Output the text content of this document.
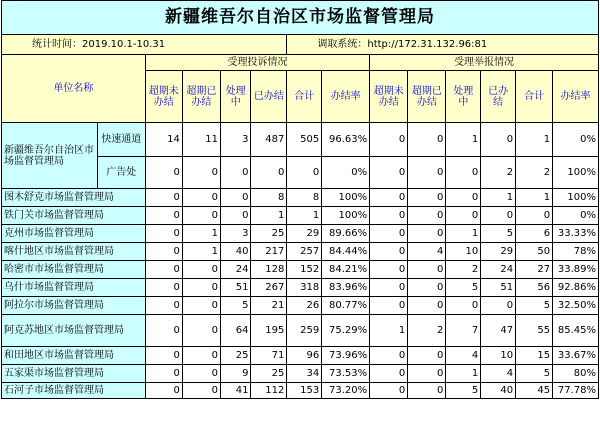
新疆维吾尔自治区市场监督管理局													
统计时间：2019.10.1-10.31						调取系统：http://172.31.132.96:81							
单位名称		受理投诉情况						受理举报情况					
		超期未办结	超期已办结	处理中	已办结	合计	办结率	超期未办结	超期已办结	处理中	已办结	合计	办结率
新疆维吾尔自治区市场监督管理局	快速通道	14	11	3	487	505	96.63%	0	0	1	0	1	0%
	广告处	0	0	0	0	0	0%	0	0	0	2	2	100%
图木舒克市场监督管理局		0	0	0	8	8	100%	0	0	0	1	1	100%
铁门关市场监督管理局		0	0	0	1	1	100%	0	0	0	0	0	0%
克州市场监督管理局		0	1	3	25	29	89.66%	0	0	1	5	6	33.33%
喀什地区市场监督管理局		0	1	40	217	257	84.44%	0	4	10	29	50	78%
哈密市市场监督管理局		0	0	24	128	152	84.21%	0	0	2	24	27	33.89%
乌什市场监督管理局		0	0	51	267	318	83.96%	0	0	5	51	56	92.86%
阿拉尔市场监督管理局		0	0	5	21	26	80.77%	0	0	0	0	5	32.50%
阿克苏地区市场监督管理局		0	0	64	195	259	75.29%	1	2	7	47	55	85.45%
和田地区市场监督管理局		0	0	25	71	96	73.96%	0	0	4	10	15	33.67%
五家渠市场监督管理局		0	0	9	25	34	73.53%	0	0	1	4	5	80%
石河子市场监督管理局		0	0	41	112	153	73.20%	0	0	5	40	45	77.78%
